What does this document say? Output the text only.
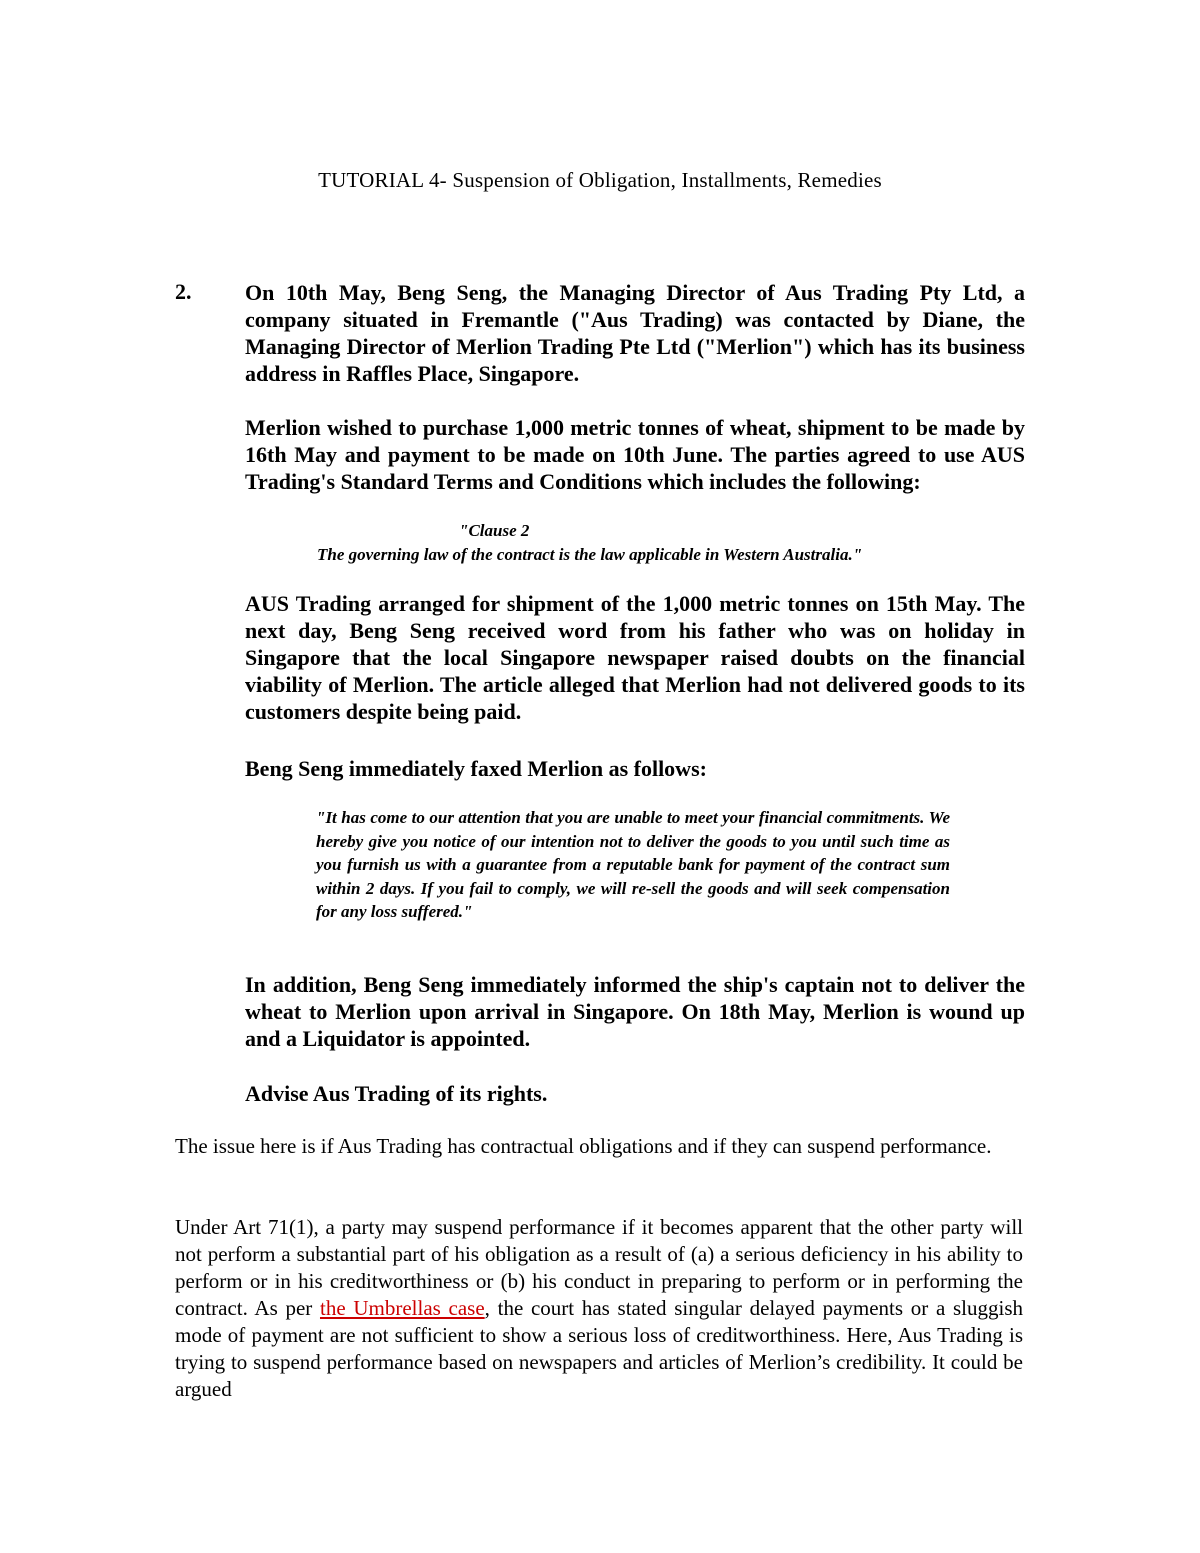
TUTORIAL 4- Suspension of Obligation, Installments, Remedies
2. On 10th May, Beng Seng, the Managing Director of Aus Trading Pty Ltd, a company situated in Fremantle ("Aus Trading) was contacted by Diane, the Managing Director of Merlion Trading Pte Ltd ("Merlion") which has its business address in Raffles Place, Singapore.

Merlion wished to purchase 1,000 metric tonnes of wheat, shipment to be made by 16th May and payment to be made on 10th June. The parties agreed to use AUS Trading's Standard Terms and Conditions which includes the following:

"Clause 2
The governing law of the contract is the law applicable in Western Australia."

AUS Trading arranged for shipment of the 1,000 metric tonnes on 15th May. The next day, Beng Seng received word from his father who was on holiday in Singapore that the local Singapore newspaper raised doubts on the financial viability of Merlion. The article alleged that Merlion had not delivered goods to its customers despite being paid.

Beng Seng immediately faxed Merlion as follows:

"It has come to our attention that you are unable to meet your financial commitments. We hereby give you notice of our intention not to deliver the goods to you until such time as you furnish us with a guarantee from a reputable bank for payment of the contract sum within 2 days. If you fail to comply, we will re-sell the goods and will seek compensation for any loss suffered."

In addition, Beng Seng immediately informed the ship's captain not to deliver the wheat to Merlion upon arrival in Singapore. On 18th May, Merlion is wound up and a Liquidator is appointed.

Advise Aus Trading of its rights.

The issue here is if Aus Trading has contractual obligations and if they can suspend performance.

Under Art 71(1), a party may suspend performance if it becomes apparent that the other party will not perform a substantial part of his obligation as a result of (a) a serious deficiency in his ability to perform or in his creditworthiness or (b) his conduct in preparing to perform or in performing the contract. As per the Umbrellas case, the court has stated singular delayed payments or a sluggish mode of payment are not sufficient to show a serious loss of creditworthiness. Here, Aus Trading is trying to suspend performance based on newspapers and articles of Merlion’s credibility. It could be argued
